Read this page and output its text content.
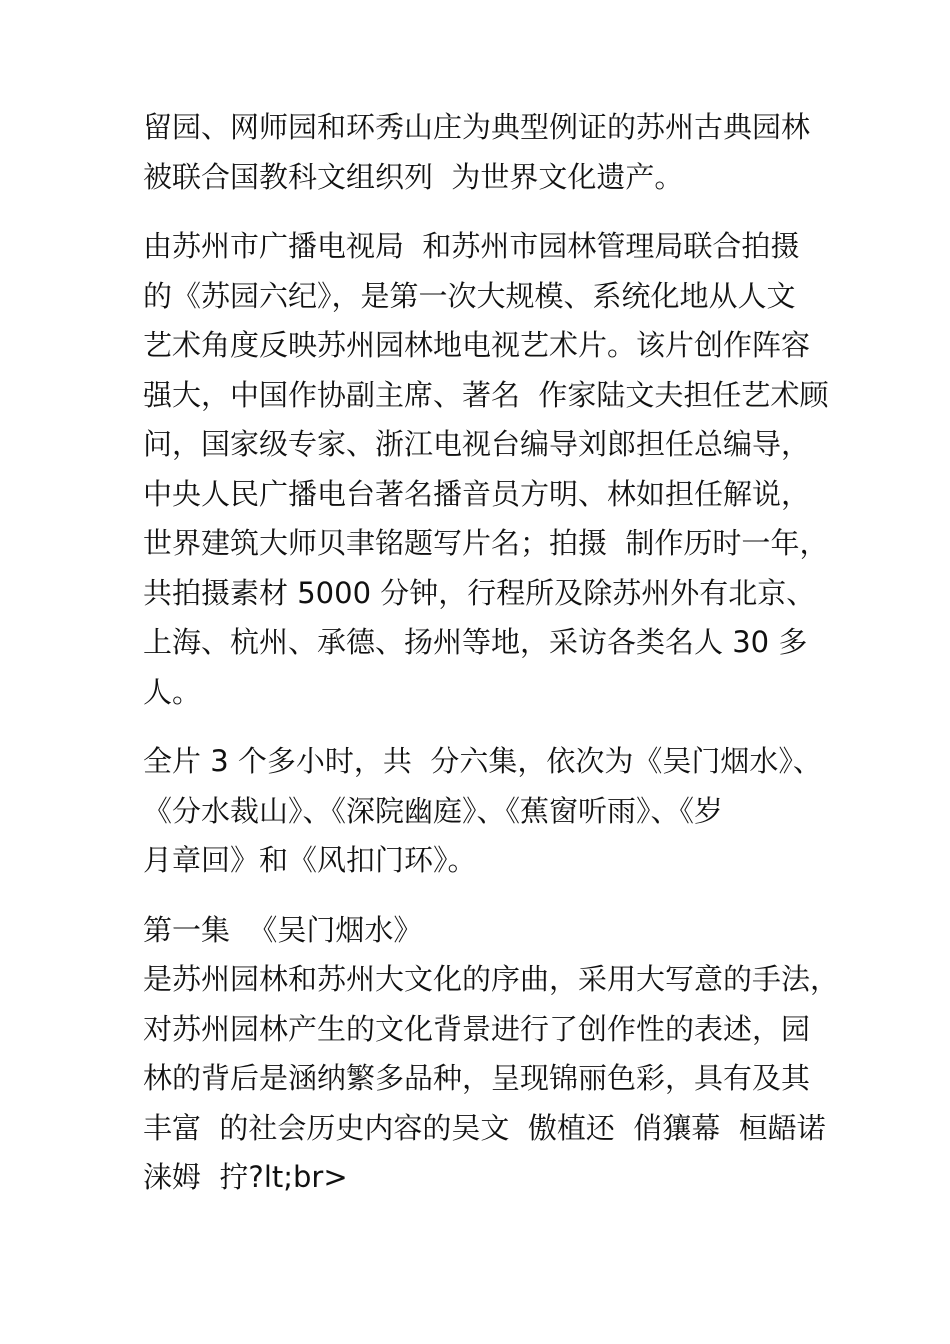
留园、网师园和环秀山庄为典型例证的苏州古典园林
被联合国教科文组织列  为世界文化遗产。

由苏州市广播电视局  和苏州市园林管理局联合拍摄
的《苏园六纪》，是第一次大规模、系统化地从人文
艺术角度反映苏州园林地电视艺术片。该片创作阵容
强大，中国作协副主席、著名  作家陆文夫担任艺术顾
问，国家级专家、浙江电视台编导刘郎担任总编导，
中央人民广播电台著名播音员方明、林如担任解说，
世界建筑大师贝聿铭题写片名；拍摄  制作历时一年，
共拍摄素材 5000 分钟，行程所及除苏州外有北京、
上海、杭州、承德、扬州等地，采访各类名人 30 多
人。

全片 3 个多小时，共  分六集，依次为《吴门烟水》、
《分水裁山》、《深院幽庭》、《蕉窗听雨》、《岁
月章回》和《风扣门环》。

第一集  《吴门烟水》
是苏州园林和苏州大文化的序曲，采用大写意的手法，
对苏州园林产生的文化背景进行了创作性的表述，园
林的背后是涵纳繁多品种，呈现锦丽色彩，具有及其
丰富  的社会历史内容的吴文  傲植还  俏獽幕  桓龉诺
涞姆  拧?lt;br>
